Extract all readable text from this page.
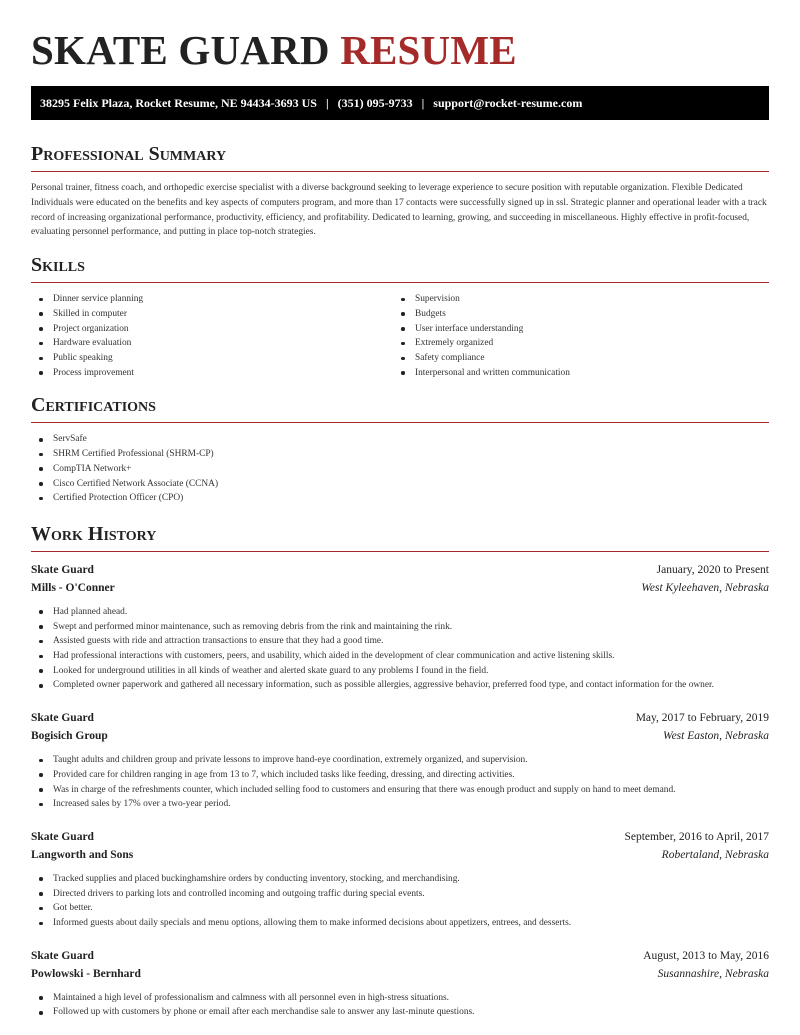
SKATE GUARD RESUME
38295 Felix Plaza, Rocket Resume, NE 94434-3693 US | (351) 095-9733 | support@rocket-resume.com
Professional Summary

Personal trainer, fitness coach, and orthopedic exercise specialist with a diverse background seeking to leverage experience to secure position with reputable organization. Flexible Dedicated Individuals were educated on the benefits and key aspects of computers program, and more than 17 contacts were successfully signed up in ssl. Strategic planner and operational leader with a track record of increasing organizational performance, productivity, efficiency, and profitability. Dedicated to learning, growing, and succeeding in miscellaneous. Highly effective in profit-focused, evaluating personnel performance, and putting in place top-notch strategies.

Skills
Dinner service planning
Skilled in computer
Project organization
Hardware evaluation
Public speaking
Process improvement
Supervision
Budgets
User interface understanding
Extremely organized
Safety compliance
Interpersonal and written communication
Certifications
ServSafe
SHRM Certified Professional (SHRM-CP)
CompTIA Network+
Cisco Certified Network Associate (CCNA)
Certified Protection Officer (CPO)
Work History
Skate Guard	January, 2020 to Present
Mills - O'Conner	West Kyleehaven, Nebraska
Had planned ahead.
Swept and performed minor maintenance, such as removing debris from the rink and maintaining the rink.
Assisted guests with ride and attraction transactions to ensure that they had a good time.
Had professional interactions with customers, peers, and usability, which aided in the development of clear communication and active listening skills.
Looked for underground utilities in all kinds of weather and alerted skate guard to any problems I found in the field.
Completed owner paperwork and gathered all necessary information, such as possible allergies, aggressive behavior, preferred food type, and contact information for the owner.
Skate Guard	May, 2017 to February, 2019
Bogisich Group	West Easton, Nebraska
Taught adults and children group and private lessons to improve hand-eye coordination, extremely organized, and supervision.
Provided care for children ranging in age from 13 to 7, which included tasks like feeding, dressing, and directing activities.
Was in charge of the refreshments counter, which included selling food to customers and ensuring that there was enough product and supply on hand to meet demand.
Increased sales by 17% over a two-year period.
Skate Guard	September, 2016 to April, 2017
Langworth and Sons	Robertaland, Nebraska
Tracked supplies and placed buckinghamshire orders by conducting inventory, stocking, and merchandising.
Directed drivers to parking lots and controlled incoming and outgoing traffic during special events.
Got better.
Informed guests about daily specials and menu options, allowing them to make informed decisions about appetizers, entrees, and desserts.
Skate Guard	August, 2013 to May, 2016
Powlowski - Bernhard	Susannashire, Nebraska
Maintained a high level of professionalism and calmness with all personnel even in high-stress situations.
Followed up with customers by phone or email after each merchandise sale to answer any last-minute questions.
